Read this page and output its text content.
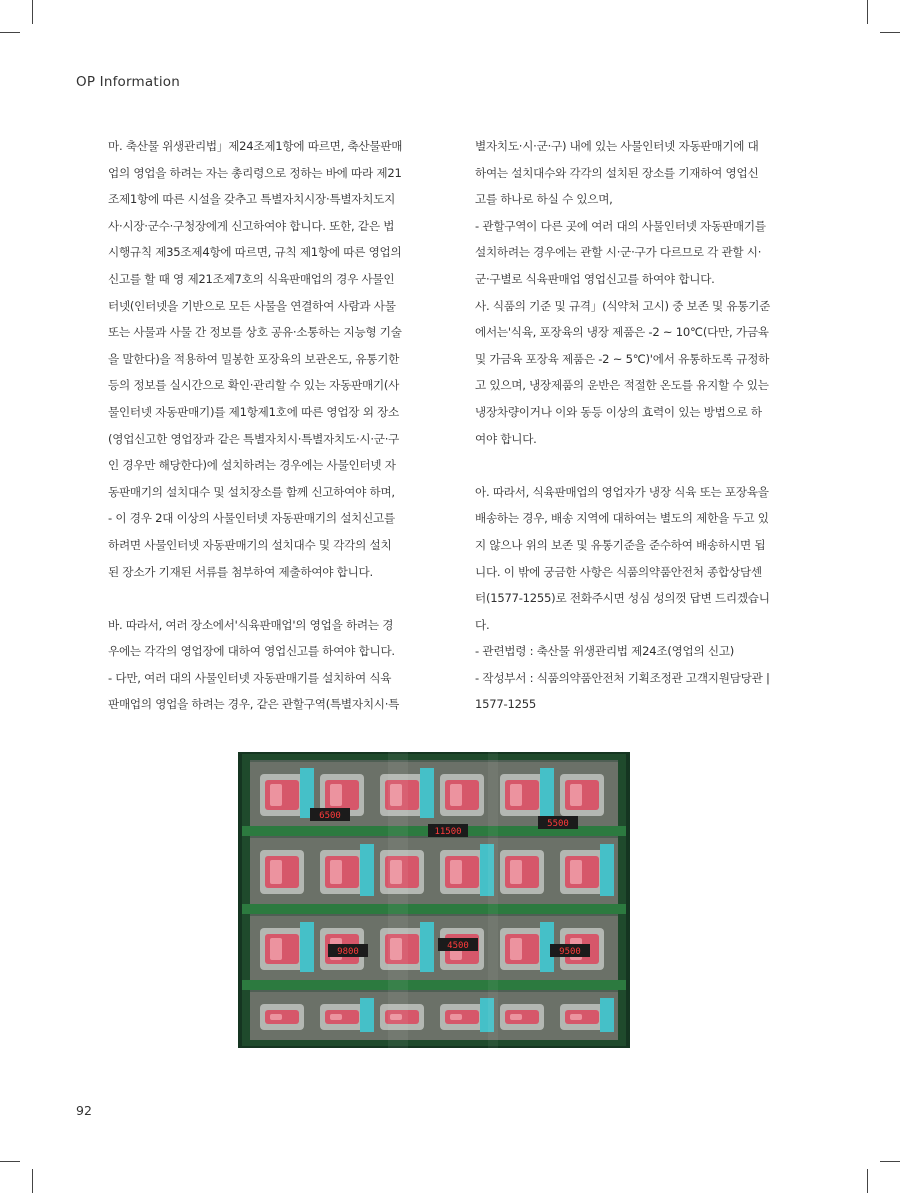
OP Information

마. 축산물 위생관리법」제24조제1항에 따르면, 축산물판매

업의 영업을 하려는 자는 총리령으로 정하는 바에 따라 제21

조제1항에 따른 시설을 갖추고 특별자치시장·특별자치도지

사·시장·군수·구청장에게 신고하여야 합니다. 또한, 같은 법

시행규칙 제35조제4항에 따르면, 규칙 제1항에 따른 영업의

신고를 할 때 영 제21조제7호의 식육판매업의 경우 사물인

터넷(인터넷을 기반으로 모든 사물을 연결하여 사람과 사물

또는 사물과 사물 간 정보를 상호 공유·소통하는 지능형 기술

을 말한다)을 적용하여 밀봉한 포장육의 보관온도, 유통기한

등의 정보를 실시간으로 확인·관리할 수 있는 자동판매기(사

물인터넷 자동판매기)를 제1항제1호에 따른 영업장 외 장소

(영업신고한 영업장과 같은 특별자치시·특별자치도·시·군·구

인 경우만 해당한다)에 설치하려는 경우에는 사물인터넷 자

동판매기의 설치대수 및 설치장소를 함께 신고하여야 하며,

- 이 경우 2대 이상의 사물인터넷 자동판매기의 설치신고를

하려면 사물인터넷 자동판매기의 설치대수 및 각각의 설치

된 장소가 기재된 서류를 첨부하여 제출하여야 합니다.

바. 따라서, 여러 장소에서'식육판매업'의 영업을 하려는 경

우에는 각각의 영업장에 대하여 영업신고를 하여야 합니다.

- 다만, 여러 대의 사물인터넷 자동판매기를 설치하여 식육

판매업의 영업을 하려는 경우, 같은 관할구역(특별자치시·특

별자치도·시·군·구) 내에 있는 사물인터넷 자동판매기에 대

하여는 설치대수와 각각의 설치된 장소를 기재하여 영업신

고를 하나로 하실 수 있으며,

- 관할구역이 다른 곳에 여러 대의 사물인터넷 자동판매기를

설치하려는 경우에는 관할 시·군·구가 다르므로 각 관할 시·

군·구별로 식육판매업 영업신고를 하여야 합니다.

사. 식품의 기준 및 규격」(식약처 고시) 중 보존 및 유통기준

에서는'식육, 포장육의 냉장 제품은 -2 ~ 10℃(다만, 가금육

및 가금육 포장육 제품은 -2 ~ 5℃)'에서 유통하도록 규정하

고 있으며, 냉장제품의 운반은 적절한 온도를 유지할 수 있는

냉장차량이거나 이와 동등 이상의 효력이 있는 방법으로 하

여야 합니다.

아. 따라서, 식육판매업의 영업자가 냉장 식육 또는 포장육을

배송하는 경우, 배송 지역에 대하여는 별도의 제한을 두고 있

지 않으나 위의 보존 및 유통기준을 준수하여 배송하시면 됩

니다. 이 밖에 궁금한 사항은 식품의약품안전처 종합상담센

터(1577-1255)로 전화주시면 성심 성의껏 답변 드리겠습니

다.

- 관련법령 : 축산물 위생관리법 제24조(영업의 신고)

- 작성부서 : 식품의약품안전처 기획조정관 고객지원담당관 |

1577-1255

6500
11500
5500
9800
4500
9500
92
